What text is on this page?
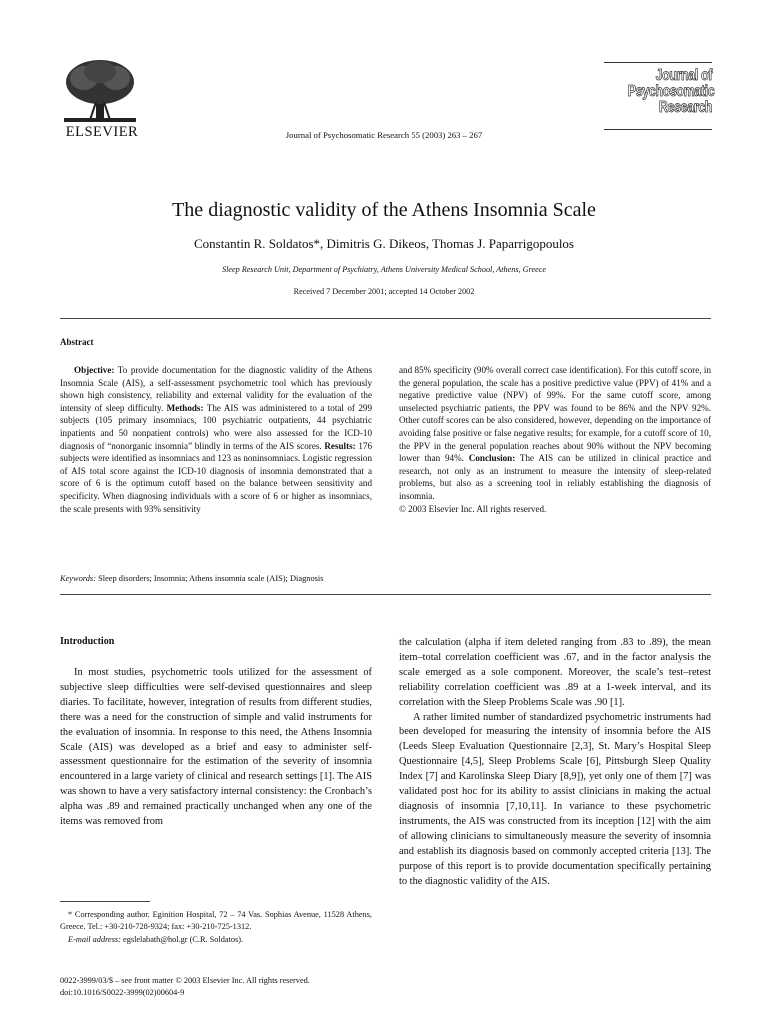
ELSEVIER	Journal of Psychosomatic Research 55 (2003) 263 – 267
Journal of
Psychosomatic
Research
The diagnostic validity of the Athens Insomnia Scale
Constantin R. Soldatos*, Dimitris G. Dikeos, Thomas J. Paparrigopoulos
Sleep Research Unit, Department of Psychiatry, Athens University Medical School, Athens, Greece
Received 7 December 2001; accepted 14 October 2002
Abstract

Objective: To provide documentation for the diagnostic validity of the Athens Insomnia Scale (AIS), a self-assessment psychometric tool which has previously shown high consistency, reliability and external validity for the evaluation of the intensity of sleep difficulty. Methods: The AIS was administered to a total of 299 subjects (105 primary insomniacs, 100 psychiatric outpatients, 44 psychiatric inpatients and 50 nonpatient controls) who were also assessed for the ICD-10 diagnosis of “nonorganic insomnia” blindly in terms of the AIS scores. Results: 176 subjects were identified as insomniacs and 123 as noninsomniacs. Logistic regression of AIS total score against the ICD-10 diagnosis of insomnia demonstrated that a score of 6 is the optimum cutoff based on the balance between sensitivity and specificity. When diagnosing individuals with a score of 6 or higher as insomniacs, the scale presents with 93% sensitivity

and 85% specificity (90% overall correct case identification). For this cutoff score, in the general population, the scale has a positive predictive value (PPV) of 41% and a negative predictive value (NPV) of 99%. For the same cutoff score, among unselected psychiatric patients, the PPV was found to be 86% and the NPV 92%. Other cutoff scores can be also considered, however, depending on the importance of avoiding false positive or false negative results; for example, for a cutoff score of 10, the PPV in the general population reaches about 90% without the NPV becoming lower than 94%. Conclusion: The AIS can be utilized in clinical practice and research, not only as an instrument to measure the intensity of sleep-related problems, but also as a screening tool in reliably establishing the diagnosis of insomnia.

© 2003 Elsevier Inc. All rights reserved.

Keywords: Sleep disorders; Insomnia; Athens insomnia scale (AIS); Diagnosis
Introduction

In most studies, psychometric tools utilized for the assessment of subjective sleep difficulties were self-devised questionnaires and sleep diaries. To facilitate, however, integration of results from different studies, there was a need for the construction of simple and valid instruments for the evaluation of insomnia. In response to this need, the Athens Insomnia Scale (AIS) was developed as a brief and easy to administer self-assessment questionnaire for the estimation of the severity of insomnia encountered in a large variety of clinical and research settings [1]. The AIS was shown to have a very satisfactory internal consistency: the Cronbach’s alpha was .89 and remained practically unchanged when any one of the items was removed from

the calculation (alpha if item deleted ranging from .83 to .89), the mean item–total correlation coefficient was .67, and in the factor analysis the scale emerged as a sole component. Moreover, the scale’s test–retest reliability correlation coefficient was .89 at a 1-week interval, and its correlation with the Sleep Problems Scale was .90 [1].

A rather limited number of standardized psychometric instruments had been developed for measuring the intensity of insomnia before the AIS (Leeds Sleep Evaluation Questionnaire [2,3], St. Mary’s Hospital Sleep Questionnaire [4,5], Sleep Problems Scale [6], Pittsburgh Sleep Quality Index [7] and Karolinska Sleep Diary [8,9]), yet only one of them [7] was validated post hoc for its ability to assist clinicians in making the actual diagnosis of insomnia [7,10,11]. In variance to these psychometric instruments, the AIS was constructed from its inception [12] with the aim of allowing clinicians to simultaneously measure the severity of insomnia and establish its diagnosis based on commonly accepted criteria [13]. The purpose of this report is to provide documentation specifically pertaining to the diagnostic validity of the AIS.

* Corresponding author. Eginition Hospital, 72 – 74 Vas. Sophias Avenue, 11528 Athens, Greece. Tel.: +30-210-728-9324; fax: +30-210-725-1312.

E-mail address: egslelabath@hol.gr (C.R. Soldatos).

0022-3999/03/$ – see front matter © 2003 Elsevier Inc. All rights reserved.
doi:10.1016/S0022-3999(02)00604-9
